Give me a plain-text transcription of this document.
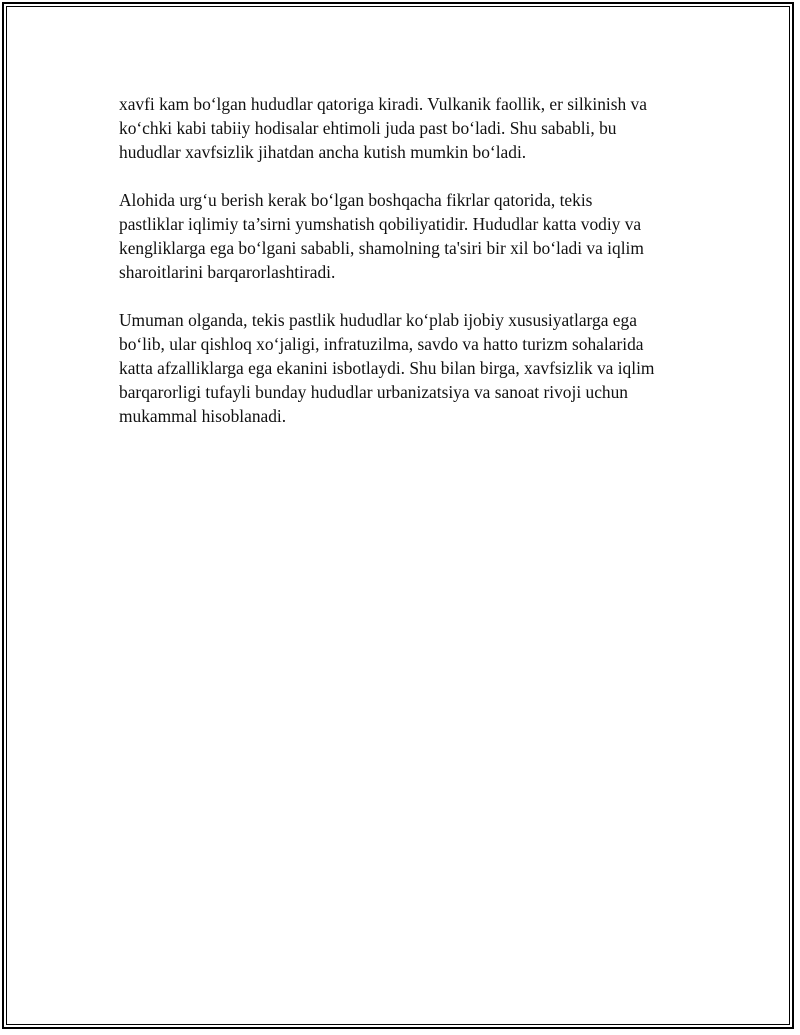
xavfi kam bo‘lgan hududlar qatoriga kiradi. Vulkanik faollik, er silkinish va
ko‘chki kabi tabiiy hodisalar ehtimoli juda past bo‘ladi. Shu sababli, bu
hududlar xavfsizlik jihatdan ancha kutish mumkin bo‘ladi.

Alohida urg‘u berish kerak bo‘lgan boshqacha fikrlar qatorida, tekis
pastliklar iqlimiy ta’sirni yumshatish qobiliyatidir. Hududlar katta vodiy va
kengliklarga ega bo‘lgani sababli, shamolning ta'siri bir xil bo‘ladi va iqlim
sharoitlarini barqarorlashtiradi.

Umuman olganda, tekis pastlik hududlar ko‘plab ijobiy xususiyatlarga ega
bo‘lib, ular qishloq xo‘jaligi, infratuzilma, savdo va hatto turizm sohalarida
katta afzalliklarga ega ekanini isbotlaydi. Shu bilan birga, xavfsizlik va iqlim
barqarorligi tufayli bunday hududlar urbanizatsiya va sanoat rivoji uchun
mukammal hisoblanadi.
